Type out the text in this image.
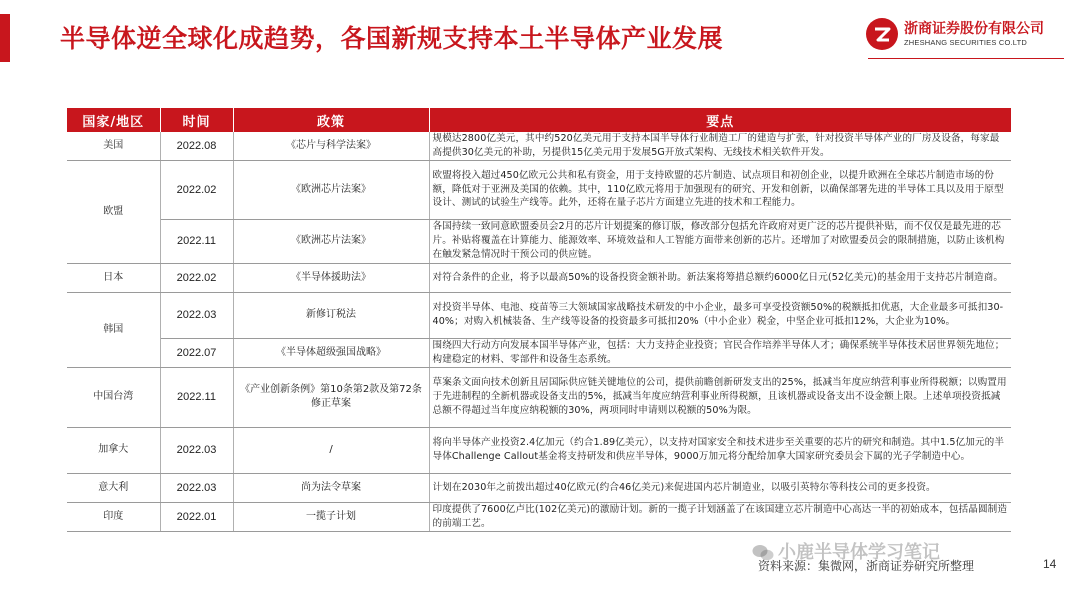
半导体逆全球化成趋势，各国新规支持本土半导体产业发展	浙商证券股份有限公司
ZHESHANG SECURITIES CO.LTD
国家/地区	时间	政策	要点
美国	2022.08	《芯片与科学法案》	规模达2800亿美元，其中约520亿美元用于支持本国半导体行业制造工厂的建造与扩张，针对投资半导体产业的厂房及设备，每家最高提供30亿美元的补助，另提供15亿美元用于发展5G开放式架构、无线技术相关软件开发。
欧盟	2022.02	《欧洲芯片法案》	欧盟将投入超过450亿欧元公共和私有资金，用于支持欧盟的芯片制造、试点项目和初创企业，以提升欧洲在全球芯片制造市场的份额，降低对于亚洲及美国的依赖。其中，110亿欧元将用于加强现有的研究、开发和创新，以确保部署先进的半导体工具以及用于原型设计、测试的试验生产线等。此外，还将在量子芯片方面建立先进的技术和工程能力。
	2022.11	《欧洲芯片法案》	各国持续一致同意欧盟委员会2月的芯片计划提案的修订版，修改部分包括允许政府对更广泛的芯片提供补贴，而不仅仅是最先进的芯片。补贴将覆盖在计算能力、能源效率、环境效益和人工智能方面带来创新的芯片。还增加了对欧盟委员会的限制措施，以防止该机构在触发紧急情况时干预公司的供应链。
日本	2022.02	《半导体援助法》	对符合条件的企业，将予以最高50%的设备投资金额补助。新法案将筹措总额约6000亿日元(52亿美元)的基金用于支持芯片制造商。
韩国	2022.03	新修订税法	对投资半导体、电池、疫苗等三大领域国家战略技术研发的中小企业，最多可享受投资额50%的税额抵扣优惠，大企业最多可抵扣30-40%；对购入机械装备、生产线等设备的投资最多可抵扣20%（中小企业）税金，中坚企业可抵扣12%，大企业为10%。
	2022.07	《半导体超级强国战略》	围绕四大行动方向发展本国半导体产业，包括：大力支持企业投资；官民合作培养半导体人才；确保系统半导体技术居世界领先地位；构建稳定的材料、零部件和设备生态系统。
中国台湾	2022.11	《产业创新条例》第10条第2款及第72条修正草案	草案条文面向技术创新且居国际供应链关键地位的公司，提供前瞻创新研发支出的25%，抵减当年度应纳营利事业所得税额；以购置用于先进制程的全新机器或设备支出的5%，抵减当年度应纳营利事业所得税额，且该机器或设备支出不设金额上限。上述单项投资抵减总额不得超过当年度应纳税额的30%，两项同时申请则以税额的50%为限。
加拿大	2022.03	/	将向半导体产业投资2.4亿加元（约合1.89亿美元），以支持对国家安全和技术进步至关重要的芯片的研究和制造。其中1.5亿加元的半导体Challenge Callout基金将支持研发和供应半导体，9000万加元将分配给加拿大国家研究委员会下属的光子学制造中心。
意大利	2022.03	尚为法令草案	计划在2030年之前拨出超过40亿欧元(约合46亿美元)来促进国内芯片制造业，以吸引英特尔等科技公司的更多投资。
印度	2022.01	一揽子计划	印度提供了7600亿卢比(102亿美元)的激励计划。新的一揽子计划涵盖了在该国建立芯片制造中心高达一半的初始成本，包括晶圆制造的前端工艺。
小鹿半导体学习笔记
资料来源：集微网，浙商证券研究所整理	14
